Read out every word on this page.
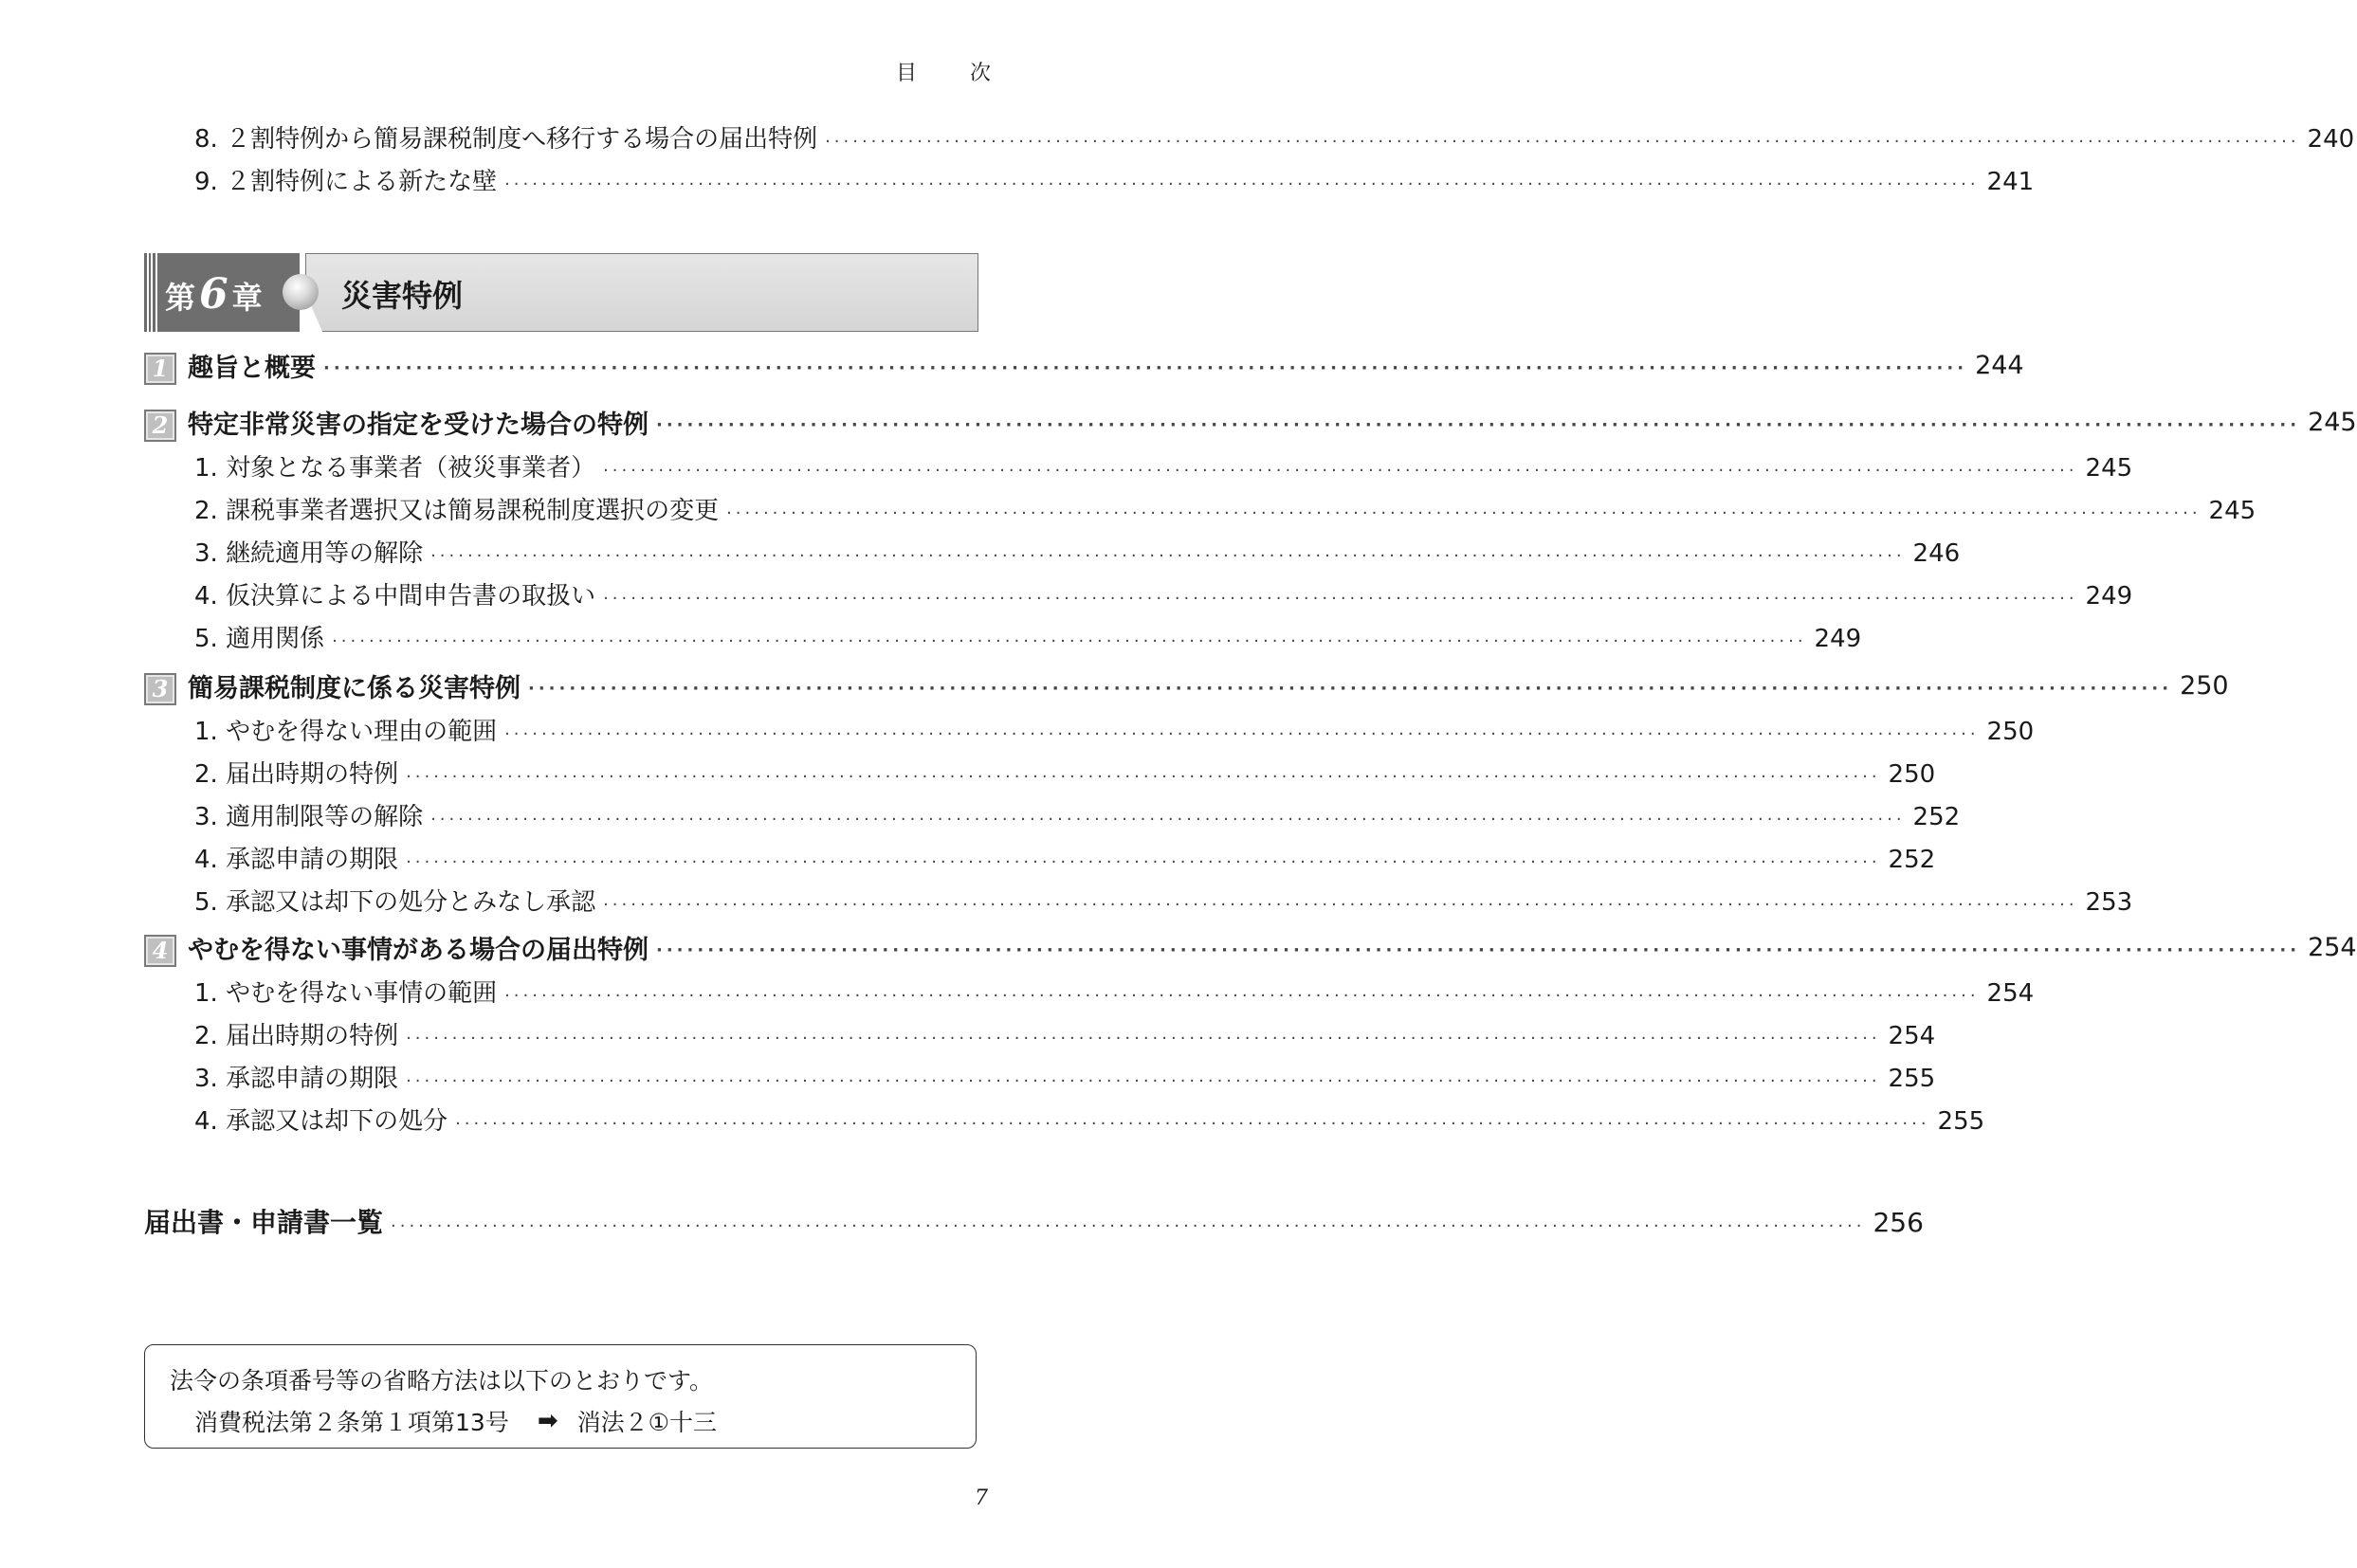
目	次
8. ２割特例から簡易課税制度へ移行する場合の届出特例 ································································································································································ 240
9. ２割特例による新たな壁 ································································································································································ 241
第 6 章	災害特例
1 趣旨と概要 ································································································································································ 244
2 特定非常災害の指定を受けた場合の特例 ································································································································································ 245
1. 対象となる事業者（被災事業者） ································································································································································ 245
2. 課税事業者選択又は簡易課税制度選択の変更 ································································································································································ 245
3. 継続適用等の解除 ································································································································································ 246
4. 仮決算による中間申告書の取扱い ································································································································································ 249
5. 適用関係 ································································································································································ 249
3 簡易課税制度に係る災害特例 ································································································································································ 250
1. やむを得ない理由の範囲 ································································································································································ 250
2. 届出時期の特例 ································································································································································ 250
3. 適用制限等の解除 ································································································································································ 252
4. 承認申請の期限 ································································································································································ 252
5. 承認又は却下の処分とみなし承認 ································································································································································ 253
4 やむを得ない事情がある場合の届出特例 ································································································································································ 254
1. やむを得ない事情の範囲 ································································································································································ 254
2. 届出時期の特例 ································································································································································ 254
3. 承認申請の期限 ································································································································································ 255
4. 承認又は却下の処分 ································································································································································ 255
届出書・申請書一覧 ································································································································································ 256
法令の条項番号等の省略方法は以下のとおりです。
消費税法第２条第１項第13号 ➡ 消法２①十三
7
